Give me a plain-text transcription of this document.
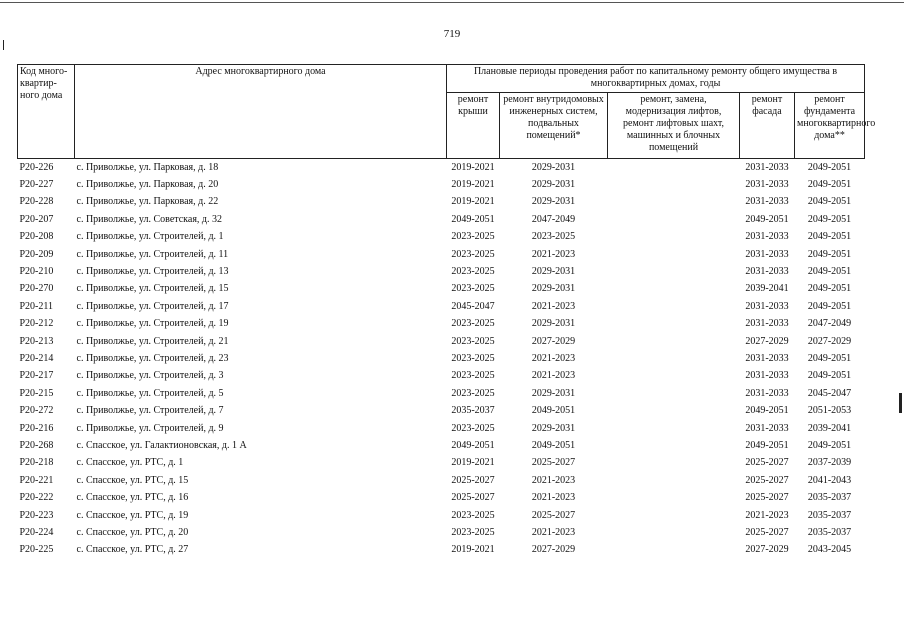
719
Код много-квартир-ного дома	Адрес многоквартирного дома	Плановые периоды проведения работ по капитальному ремонту общего имущества в многоквартирных домах, годы				
		ремонт крыши	ремонт внутридомовых инженерных систем, подвальных помещений*	ремонт, замена, модернизация лифтов, ремонт лифтовых шахт, машинных и блочных помещений	ремонт фасада	ремонт фундамента многоквартирного дома**
Р20-226	с. Приволжье, ул. Парковая, д. 18	2019-2021	2029-2031		2031-2033	2049-2051
Р20-227	с. Приволжье, ул. Парковая, д. 20	2019-2021	2029-2031		2031-2033	2049-2051
Р20-228	с. Приволжье, ул. Парковая, д. 22	2019-2021	2029-2031		2031-2033	2049-2051
Р20-207	с. Приволжье, ул. Советская, д. 32	2049-2051	2047-2049		2049-2051	2049-2051
Р20-208	с. Приволжье, ул. Строителей, д. 1	2023-2025	2023-2025		2031-2033	2049-2051
Р20-209	с. Приволжье, ул. Строителей, д. 11	2023-2025	2021-2023		2031-2033	2049-2051
Р20-210	с. Приволжье, ул. Строителей, д. 13	2023-2025	2029-2031		2031-2033	2049-2051
Р20-270	с. Приволжье, ул. Строителей, д. 15	2023-2025	2029-2031		2039-2041	2049-2051
Р20-211	с. Приволжье, ул. Строителей, д. 17	2045-2047	2021-2023		2031-2033	2049-2051
Р20-212	с. Приволжье, ул. Строителей, д. 19	2023-2025	2029-2031		2031-2033	2047-2049
Р20-213	с. Приволжье, ул. Строителей, д. 21	2023-2025	2027-2029		2027-2029	2027-2029
Р20-214	с. Приволжье, ул. Строителей, д. 23	2023-2025	2021-2023		2031-2033	2049-2051
Р20-217	с. Приволжье, ул. Строителей, д. 3	2023-2025	2021-2023		2031-2033	2049-2051
Р20-215	с. Приволжье, ул. Строителей, д. 5	2023-2025	2029-2031		2031-2033	2045-2047
Р20-272	с. Приволжье, ул. Строителей, д. 7	2035-2037	2049-2051		2049-2051	2051-2053
Р20-216	с. Приволжье, ул. Строителей, д. 9	2023-2025	2029-2031		2031-2033	2039-2041
Р20-268	с. Спасское, ул. Галактионовская, д. 1 А	2049-2051	2049-2051		2049-2051	2049-2051
Р20-218	с. Спасское, ул. РТС, д. 1	2019-2021	2025-2027		2025-2027	2037-2039
Р20-221	с. Спасское, ул. РТС, д. 15	2025-2027	2021-2023		2025-2027	2041-2043
Р20-222	с. Спасское, ул. РТС, д. 16	2025-2027	2021-2023		2025-2027	2035-2037
Р20-223	с. Спасское, ул. РТС, д. 19	2023-2025	2025-2027		2021-2023	2035-2037
Р20-224	с. Спасское, ул. РТС, д. 20	2023-2025	2021-2023		2025-2027	2035-2037
Р20-225	с. Спасское, ул. РТС, д. 27	2019-2021	2027-2029		2027-2029	2043-2045
